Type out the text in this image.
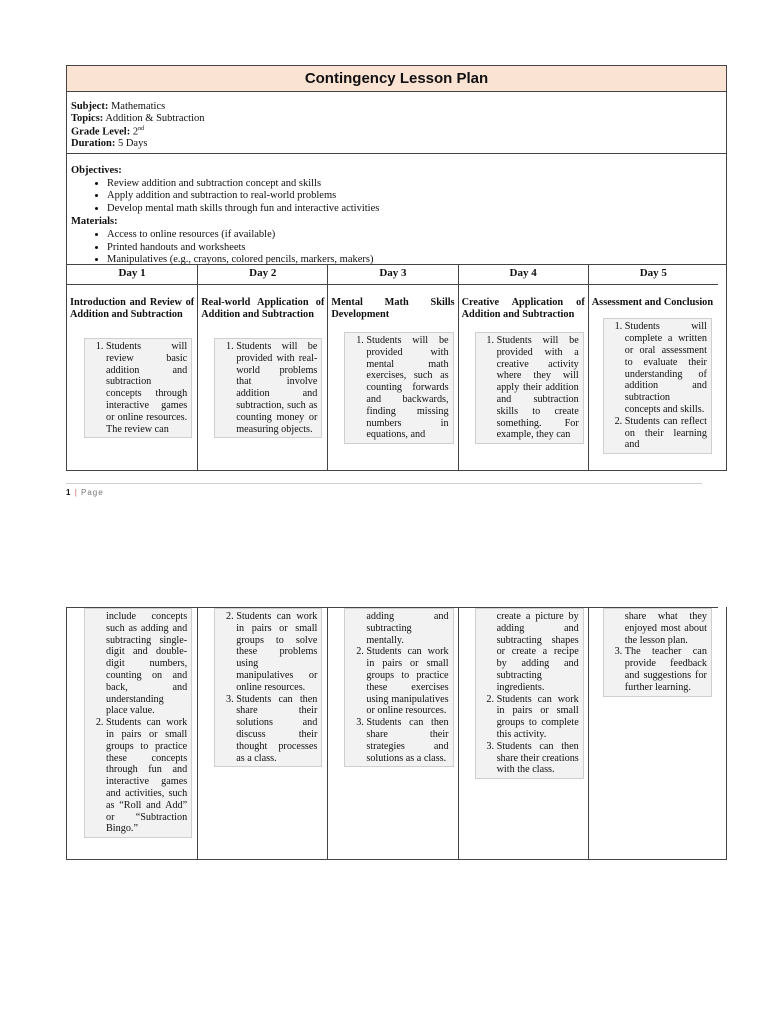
Contingency Lesson Plan
Subject: Mathematics
Topics: Addition & Subtraction
Grade Level: 2nd
Duration: 5 Days
Objectives:
• Review addition and subtraction concept and skills
• Apply addition and subtraction to real-world problems
• Develop mental math skills through fun and interactive activities
Materials:
• Access to online resources (if available)
• Printed handouts and worksheets
• Manipulatives (e.g., crayons, colored pencils, markers, makers)
Day 1
Introduction and Review of Addition and Subtraction
1. Students will review basic addition and subtraction concepts through interactive games or online resources. The review can
Day 2
Real-world Application of Addition and Subtraction
1. Students will be provided with real-world problems that involve addition and subtraction, such as counting money or measuring objects.
Day 3
Mental Math Skills Development
1. Students will be provided with mental math exercises, such as counting forwards and backwards, finding missing numbers in equations, and
Day 4
Creative Application of Addition and Subtraction
1. Students will be provided with a creative activity where they will apply their addition and subtraction skills to create something. For example, they can
Day 5
Assessment and Conclusion
1. Students will complete a written or oral assessment to evaluate their understanding of addition and subtraction concepts and skills.
2. Students can reflect on their learning and
1 | Page
include concepts such as adding and subtracting single-digit and double-digit numbers, counting on and back, and understanding place value.
2. Students can work in pairs or small groups to practice these concepts through fun and interactive games and activities, such as “Roll and Add” or “Subtraction Bingo.”
2. Students can work in pairs or small groups to solve these problems using manipulatives or online resources.
3. Students can then share their solutions and discuss their thought processes as a class.
adding and subtracting mentally.
2. Students can work in pairs or small groups to practice these exercises using manipulatives or online resources.
3. Students can then share their strategies and solutions as a class.
create a picture by adding and subtracting shapes or create a recipe by adding and subtracting ingredients.
2. Students can work in pairs or small groups to complete this activity.
3. Students can then share their creations with the class.
share what they enjoyed most about the lesson plan.
3. The teacher can provide feedback and suggestions for further learning.
